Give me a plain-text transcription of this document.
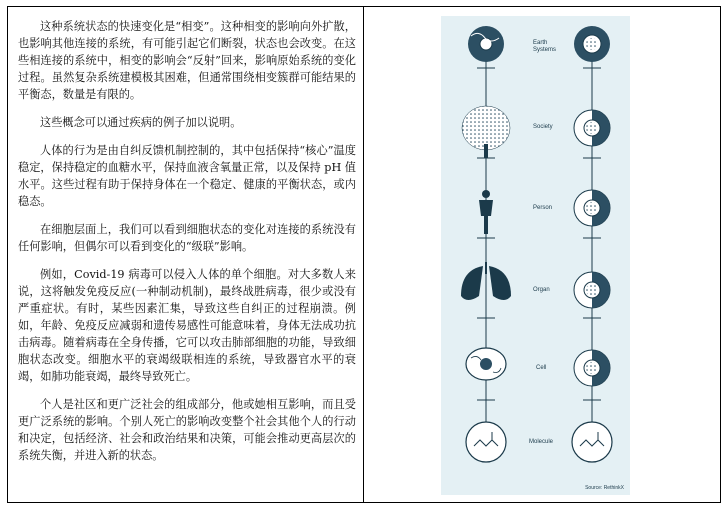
这种系统状态的快速变化是“相变”。这种相变的影响向外扩散，也影响其他连接的系统，有可能引起它们断裂，状态也会改变。在这些相连接的系统中，相变的影响会“反射”回来，影响原始系统的变化过程。虽然复杂系统建模极其困难，但通常围绕相变簇群可能结果的平衡态，数量是有限的。

这些概念可以通过疾病的例子加以说明。

人体的行为是由自纠反馈机制控制的，其中包括保持“核心”温度稳定，保持稳定的血糖水平，保持血液含氧量正常，以及保持 pH 值水平。这些过程有助于保持身体在一个稳定、健康的平衡状态，或内稳态。

在细胞层面上，我们可以看到细胞状态的变化对连接的系统没有任何影响，但偶尔可以看到变化的“级联”影响。

例如，Covid-19 病毒可以侵入人体的单个细胞。对大多数人来说，这将触发免疫反应(一种制动机制)，最终战胜病毒，很少或没有严重症状。有时，某些因素汇集，导致这些自纠正的过程崩溃。例如，年龄、免疫反应减弱和遗传易感性可能意味着，身体无法成功抗击病毒。随着病毒在全身传播，它可以攻击肺部细胞的功能，导致细胞状态改变。细胞水平的衰竭级联相连的系统，导致器官水平的衰竭，如肺功能衰竭，最终导致死亡。

个人是社区和更广泛社会的组成部分，他或她相互影响，而且受更广泛系统的影响。个别人死亡的影响改变整个社会其他个人的行动和决定，包括经济、社会和政治结果和决策，可能会推动更高层次的系统失衡，并进入新的状态。

Earth Systems
Society
Person
Organ
Cell
Molecule
Source: RethinkX
